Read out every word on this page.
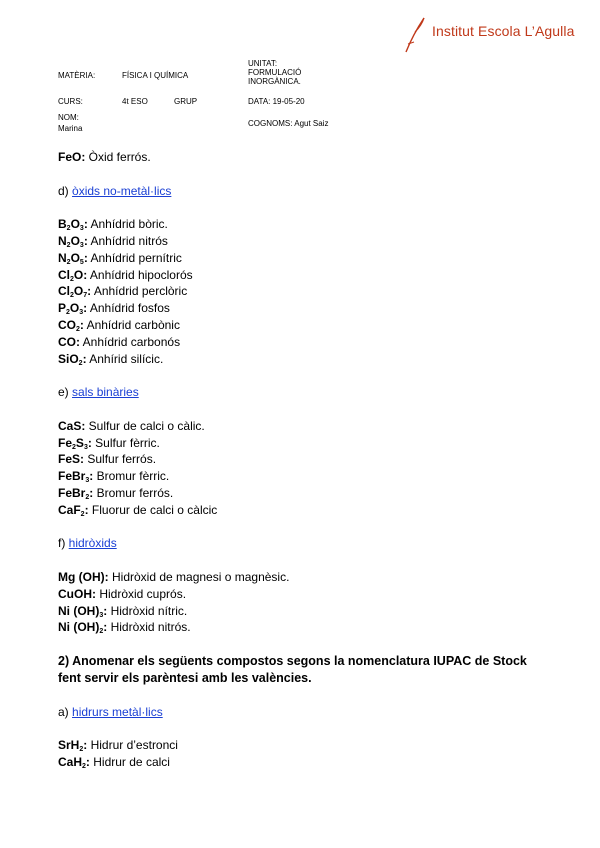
Institut Escola L’Agulla
MATÈRIA:	FÍSICA I QUÍMICA
UNITAT:
FORMULACIÓ
INORGÀNICA.
CURS:	4t ESO	GRUP	DATA: 19-05-20
NOM:
Marina
COGNOMS: Agut Saiz
FeO: Òxid ferrós.
d) òxids no-metàl·lics
$B_2O_3$: Anhídrid bòric.
$N_2O_3$: Anhídrid nitrós
$N_2O_5$: Anhídrid pernítric
$Cl_2O$: Anhídrid hipoclorós
$Cl_2O_7$: Anhídrid perclòric
$P_2O_3$: Anhídrid fosfos
$CO_2$: Anhídrid carbònic
CO: Anhídrid carbonós
SiO$_2$: Anhírid silícic.
e) sals binàries
CaS: Sulfur de calci o càlic.
$Fe_2S_3$: Sulfur fèrric.
FeS: Sulfur ferrós.
FeBr$_3$: Bromur fèrric.
FeBr$_2$: Bromur ferrós.
CaF$_2$: Fluorur de calci o càlcic
f) hidròxids
Mg (OH): Hidròxid de magnesi o magnèsic.
CuOH: Hidròxid cuprós.
Ni $(OH)_3$: Hidròxid nítric.
Ni $(OH)_2$: Hidròxid nitrós.
2) Anomenar els següents compostos segons la nomenclatura IUPAC de Stock fent servir els parèntesi amb les valències.
a) hidrurs metàl·lics
SrH$_2$: Hidrur d’estronci
CaH$_2$: Hidrur de calci
